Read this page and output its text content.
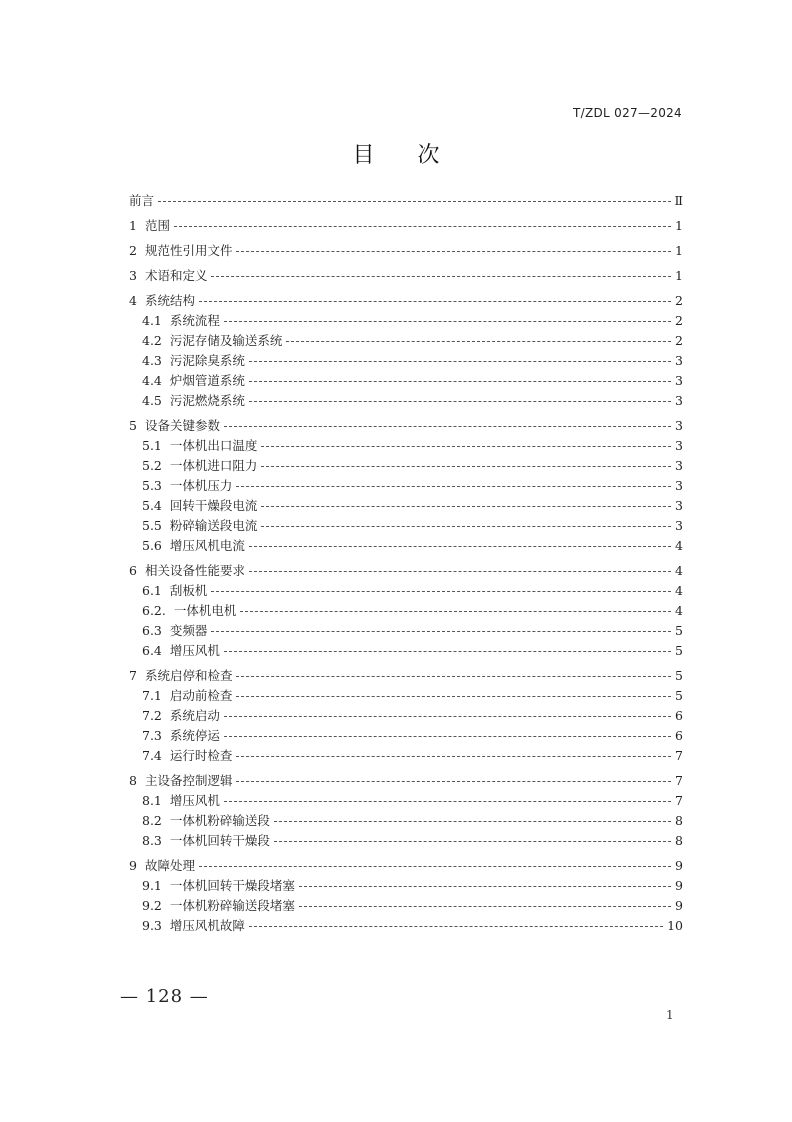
T/ZDL 027—2024
目 次
前言	Ⅱ
1 范围	1
2 规范性引用文件	1
3 术语和定义	1
4 系统结构	2
4.1 系统流程	2
4.2 污泥存储及输送系统	2
4.3 污泥除臭系统	3
4.4 炉烟管道系统	3
4.5 污泥燃烧系统	3
5 设备关键参数	3
5.1 一体机出口温度	3
5.2 一体机进口阻力	3
5.3 一体机压力	3
5.4 回转干燥段电流	3
5.5 粉碎输送段电流	3
5.6 增压风机电流	4
6 相关设备性能要求	4
6.1 刮板机	4
6.2. 一体机电机	4
6.3 变频器	5
6.4 增压风机	5
7 系统启停和检查	5
7.1 启动前检查	5
7.2 系统启动	6
7.3 系统停运	6
7.4 运行时检查	7
8 主设备控制逻辑	7
8.1 增压风机	7
8.2 一体机粉碎输送段	8
8.3 一体机回转干燥段	8
9 故障处理	9
9.1 一体机回转干燥段堵塞	9
9.2 一体机粉碎输送段堵塞	9
9.3 增压风机故障	10
— 128 —
1
